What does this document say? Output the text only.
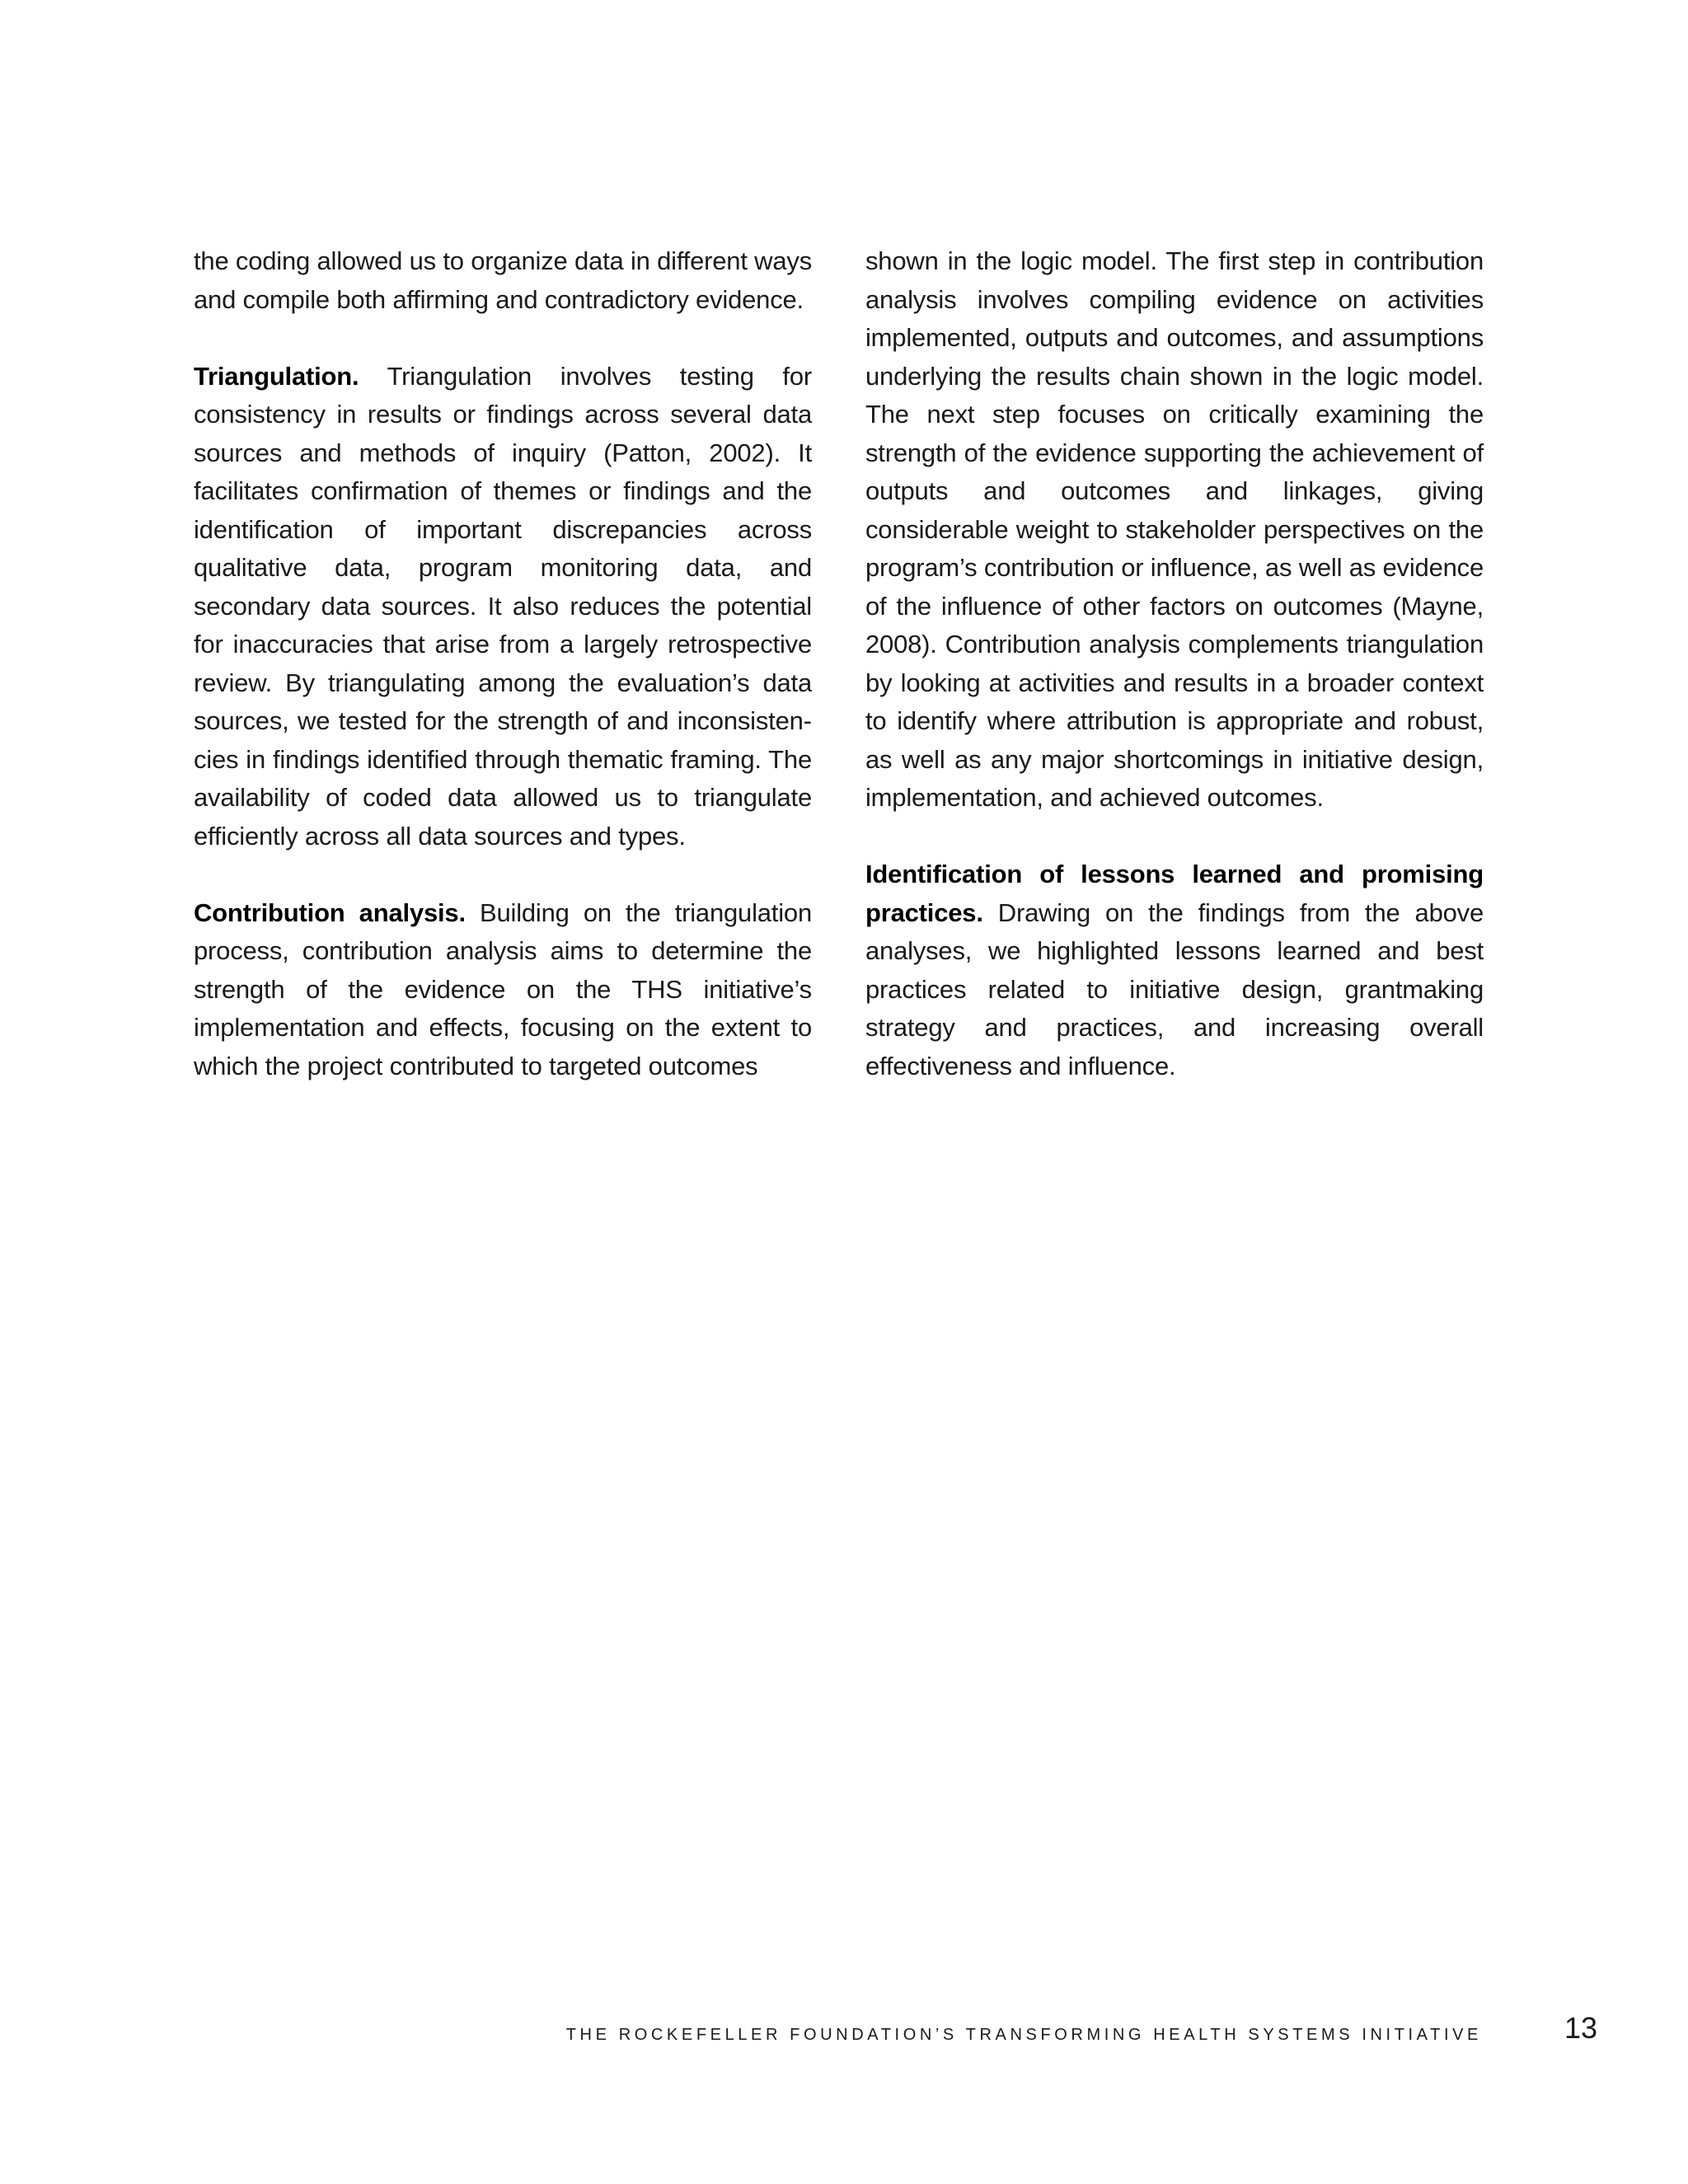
the coding allowed us to organize data in different ways and compile both affirming and contradictory evidence.

Triangulation. Triangulation involves testing for consistency in results or findings across several data sources and methods of inquiry (Patton, 2002). It facilitates confirmation of themes or findings and the identification of important discrepancies across qualitative data, program monitoring data, and secondary data sources. It also reduces the potential for inaccuracies that arise from a largely retrospective review. By triangulating among the evaluation’s data sources, we tested for the strength of and inconsistencies in findings identified through thematic framing. The availability of coded data allowed us to triangulate efficiently across all data sources and types.

Contribution analysis. Building on the triangulation process, contribution analysis aims to determine the strength of the evidence on the THS initiative’s implementation and effects, focusing on the extent to which the project contributed to targeted outcomes

shown in the logic model. The first step in contribution analysis involves compiling evidence on activities implemented, outputs and outcomes, and assumptions underlying the results chain shown in the logic model. The next step focuses on critically examining the strength of the evidence supporting the achievement of outputs and outcomes and linkages, giving considerable weight to stakeholder perspectives on the program’s contribution or influence, as well as evidence of the influence of other factors on outcomes (Mayne, 2008). Contribution analysis complements triangulation by looking at activities and results in a broader context to identify where attribution is appropriate and robust, as well as any major shortcomings in initiative design, implementation, and achieved outcomes.

Identification of lessons learned and promising practices. Drawing on the findings from the above analyses, we highlighted lessons learned and best practices related to initiative design, grantmaking strategy and practices, and increasing overall effectiveness and influence.

THE ROCKEFELLER FOUNDATION’S TRANSFORMING HEALTH SYSTEMS INITIATIVE	13
